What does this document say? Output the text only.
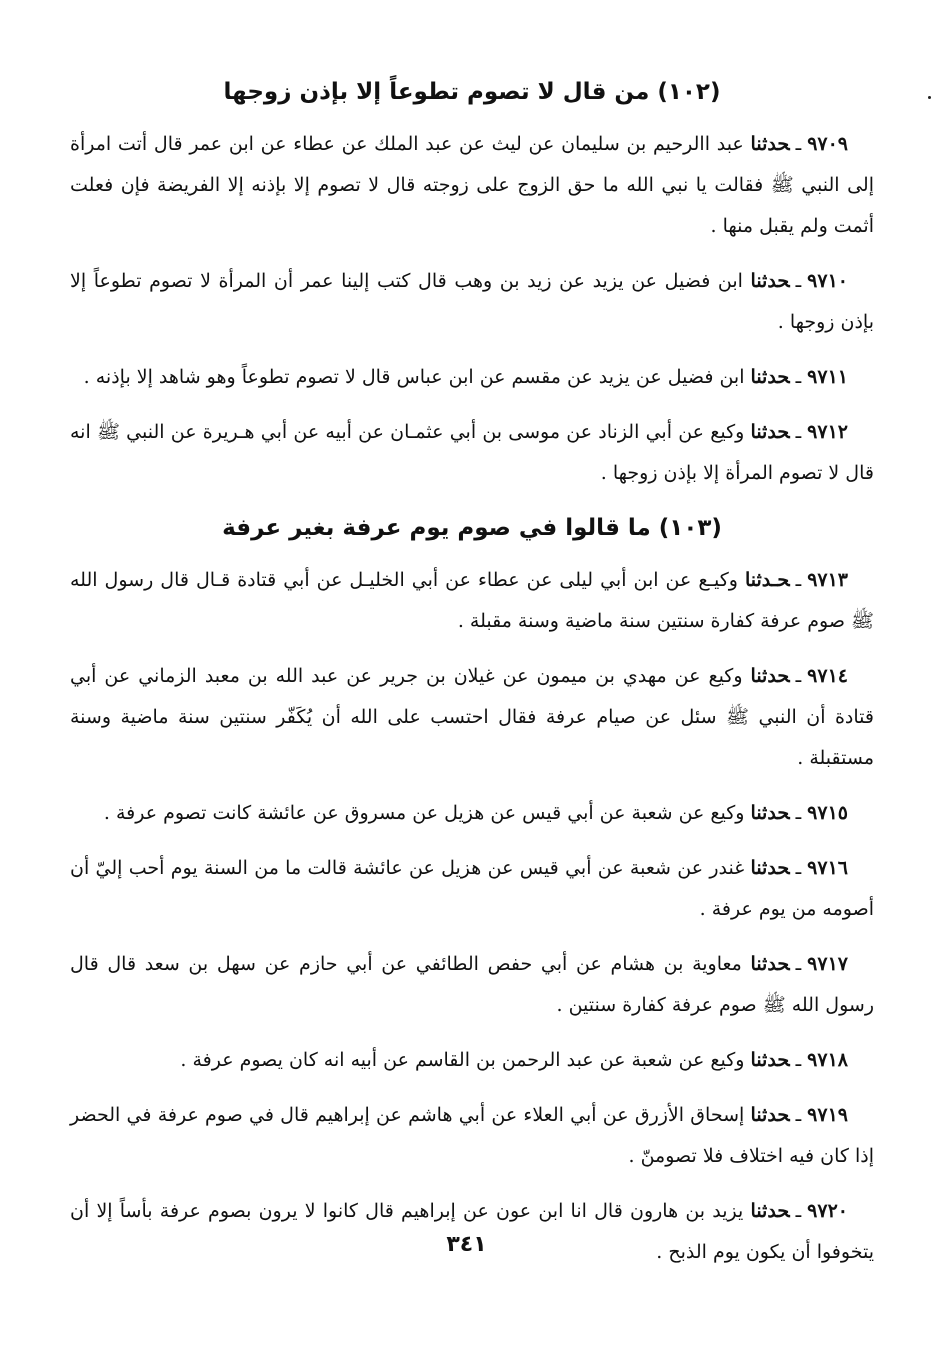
(١٠٢) من قال لا تصوم تطوعاً إلا بإذن زوجها

٩٧٠٩ـحدثنا عبد االرحيم بن سليمان عن ليث عن عبد الملك عن عطاء عن ابن عمر قال أتت امرأة إلى النبي ﷺ فقالت يا نبي الله ما حق الزوج على زوجته قال لا تصوم إلا بإذنه إلا الفريضة فإن فعلت أثمت ولم يقبل منها .

٩٧١٠ـحدثنا ابن فضيل عن يزيد عن زيد بن وهب قال كتب إلينا عمر أن المرأة لا تصوم تطوعاً إلا بإذن زوجها .

٩٧١١ـحدثنا ابن فضيل عن يزيد عن مقسم عن ابن عباس قال لا تصوم تطوعاً وهو شاهد إلا بإذنه .

٩٧١٢ـحدثنا وكيع عن أبي الزناد عن موسى بن أبي عثمـان عن أبيه عن أبي هـريرة عن النبي ﷺ انه قال لا تصوم المرأة إلا بإذن زوجها .

(١٠٣) ما قالوا في صوم يوم عرفة بغير عرفة

٩٧١٣ـحـدثنا وكيـع عن ابن أبي ليلى عن عطاء عن أبي الخليـل عن أبي قتادة قـال قال رسول الله ﷺ صوم عرفة كفارة سنتين سنة ماضية وسنة مقبلة .

٩٧١٤ـحدثنا وكيع عن مهدي بن ميمون عن غيلان بن جرير عن عبد الله بن معبد الزماني عن أبي قتادة أن النبي ﷺ سئل عن صيام عرفة فقال احتسب على الله أن يُكَفّر سنتين سنة ماضية وسنة مستقبلة .

٩٧١٥ـحدثنا وكيع عن شعبة عن أبي قيس عن هزيل عن مسروق عن عائشة كانت تصوم عرفة .

٩٧١٦ـحدثنا غندر عن شعبة عن أبي قيس عن هزيل عن عائشة قالت ما من السنة يوم أحب إليّ أن أصومه من يوم عرفة .

٩٧١٧ـحدثنا معاوية بن هشام عن أبي حفص الطائفي عن أبي حازم عن سهل بن سعد قال قال رسول الله ﷺ صوم عرفة كفارة سنتين .

٩٧١٨ـحدثنا وكيع عن شعبة عن عبد الرحمن بن القاسم عن أبيه انه كان يصوم عرفة .

٩٧١٩ـحدثنا إسحاق الأزرق عن أبي العلاء عن أبي هاشم عن إبراهيم قال في صوم عرفة في الحضر إذا كان فيه اختلاف فلا تصومنّ .

٩٧٢٠ـحدثنا يزيد بن هارون قال انا ابن عون عن إبراهيم قال كانوا لا يرون بصوم عرفة بأساً إلا أن يتخوفوا أن يكون يوم الذبح .

٣٤١
